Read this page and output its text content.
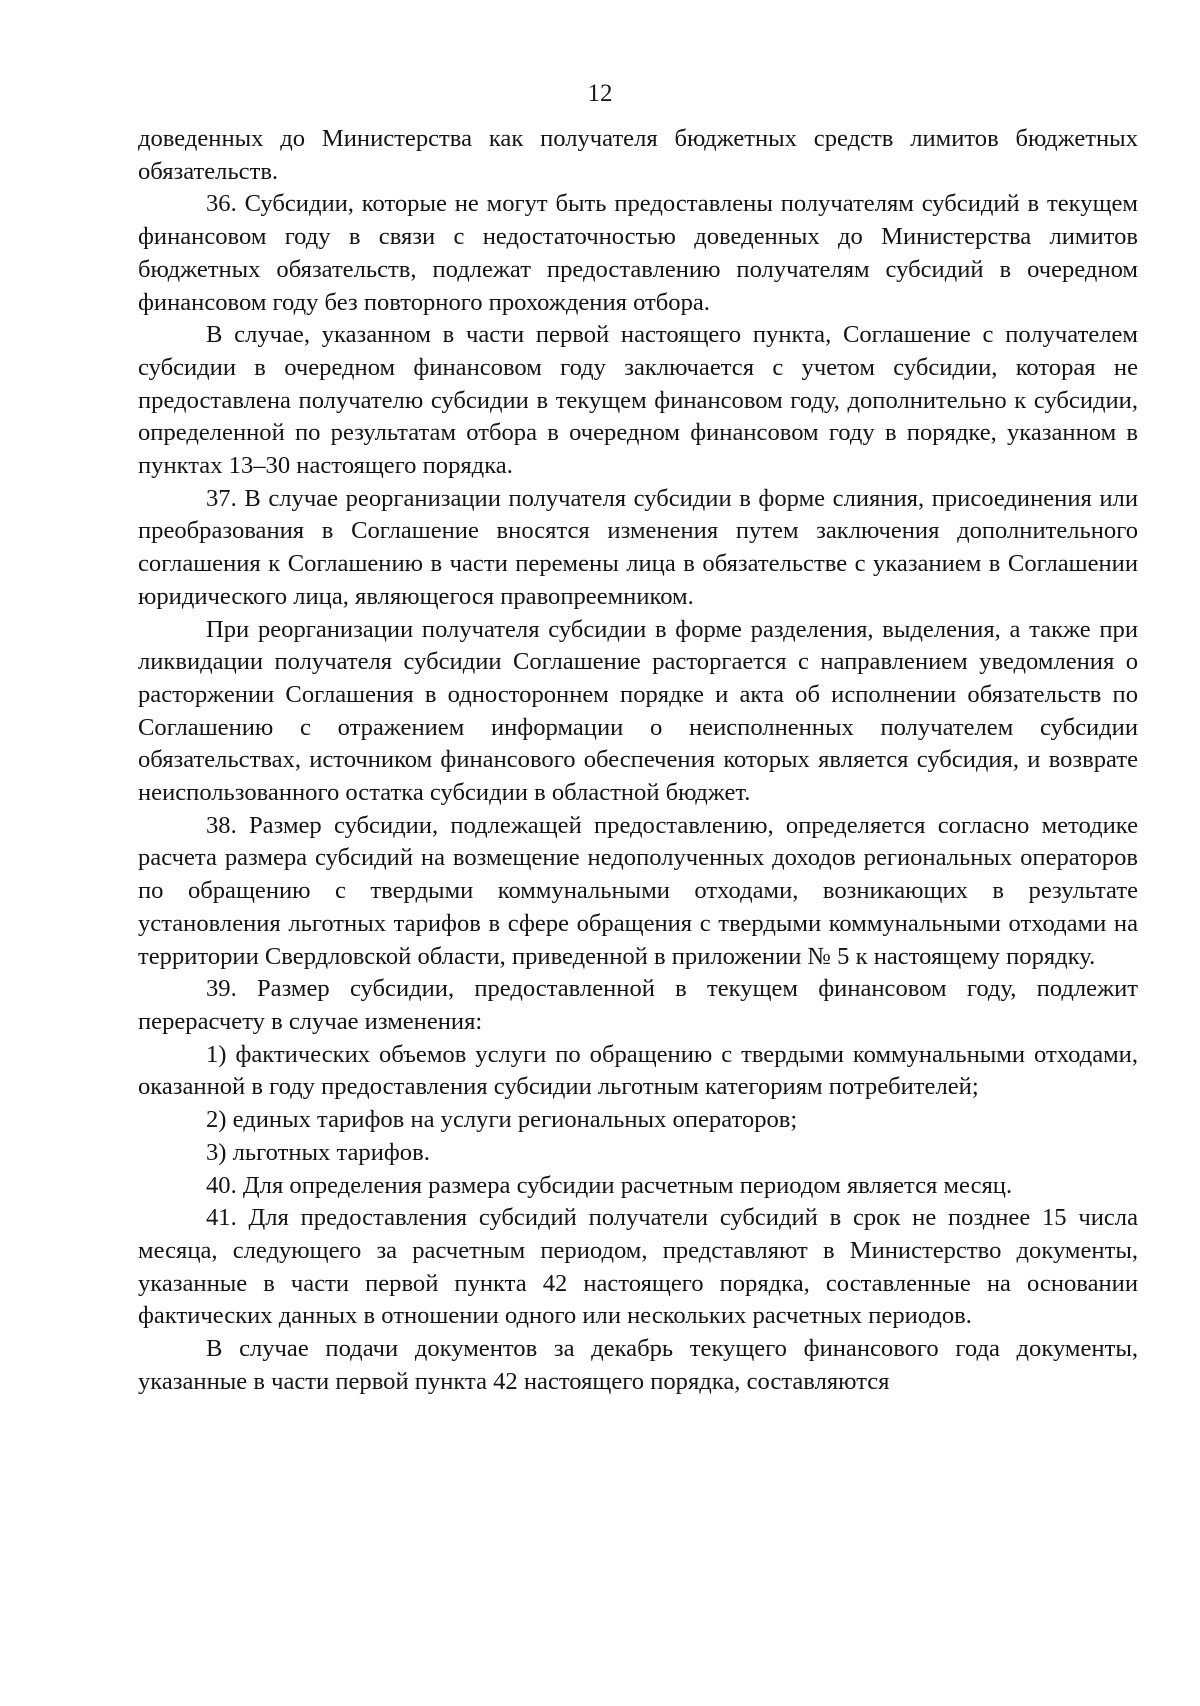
12

доведенных до Министерства как получателя бюджетных средств лимитов бюджетных обязательств.

36. Субсидии, которые не могут быть предоставлены получателям субсидий в текущем финансовом году в связи с недостаточностью доведенных до Министерства лимитов бюджетных обязательств, подлежат предоставлению получателям субсидий в очередном финансовом году без повторного прохождения отбора.

В случае, указанном в части первой настоящего пункта, Соглашение с получателем субсидии в очередном финансовом году заключается с учетом субсидии, которая не предоставлена получателю субсидии в текущем финансовом году, дополнительно к субсидии, определенной по результатам отбора в очередном финансовом году в порядке, указанном в пунктах 13–30 настоящего порядка.

37. В случае реорганизации получателя субсидии в форме слияния, присоединения или преобразования в Соглашение вносятся изменения путем заключения дополнительного соглашения к Соглашению в части перемены лица в обязательстве с указанием в Соглашении юридического лица, являющегося правопреемником.

При реорганизации получателя субсидии в форме разделения, выделения, а также при ликвидации получателя субсидии Соглашение расторгается с направлением уведомления о расторжении Соглашения в одностороннем порядке и акта об исполнении обязательств по Соглашению с отражением информации о неисполненных получателем субсидии обязательствах, источником финансового обеспечения которых является субсидия, и возврате неиспользованного остатка субсидии в областной бюджет.

38. Размер субсидии, подлежащей предоставлению, определяется согласно методике расчета размера субсидий на возмещение недополученных доходов региональных операторов по обращению с твердыми коммунальными отходами, возникающих в результате установления льготных тарифов в сфере обращения с твердыми коммунальными отходами на территории Свердловской области, приведенной в приложении № 5 к настоящему порядку.

39. Размер субсидии, предоставленной в текущем финансовом году, подлежит перерасчету в случае изменения:

1) фактических объемов услуги по обращению с твердыми коммунальными отходами, оказанной в году предоставления субсидии льготным категориям потребителей;

2) единых тарифов на услуги региональных операторов;

3) льготных тарифов.

40. Для определения размера субсидии расчетным периодом является месяц.

41. Для предоставления субсидий получатели субсидий в срок не позднее 15 числа месяца, следующего за расчетным периодом, представляют в Министерство документы, указанные в части первой пункта 42 настоящего порядка, составленные на основании фактических данных в отношении одного или нескольких расчетных периодов.

В случае подачи документов за декабрь текущего финансового года документы, указанные в части первой пункта 42 настоящего порядка, составляются
